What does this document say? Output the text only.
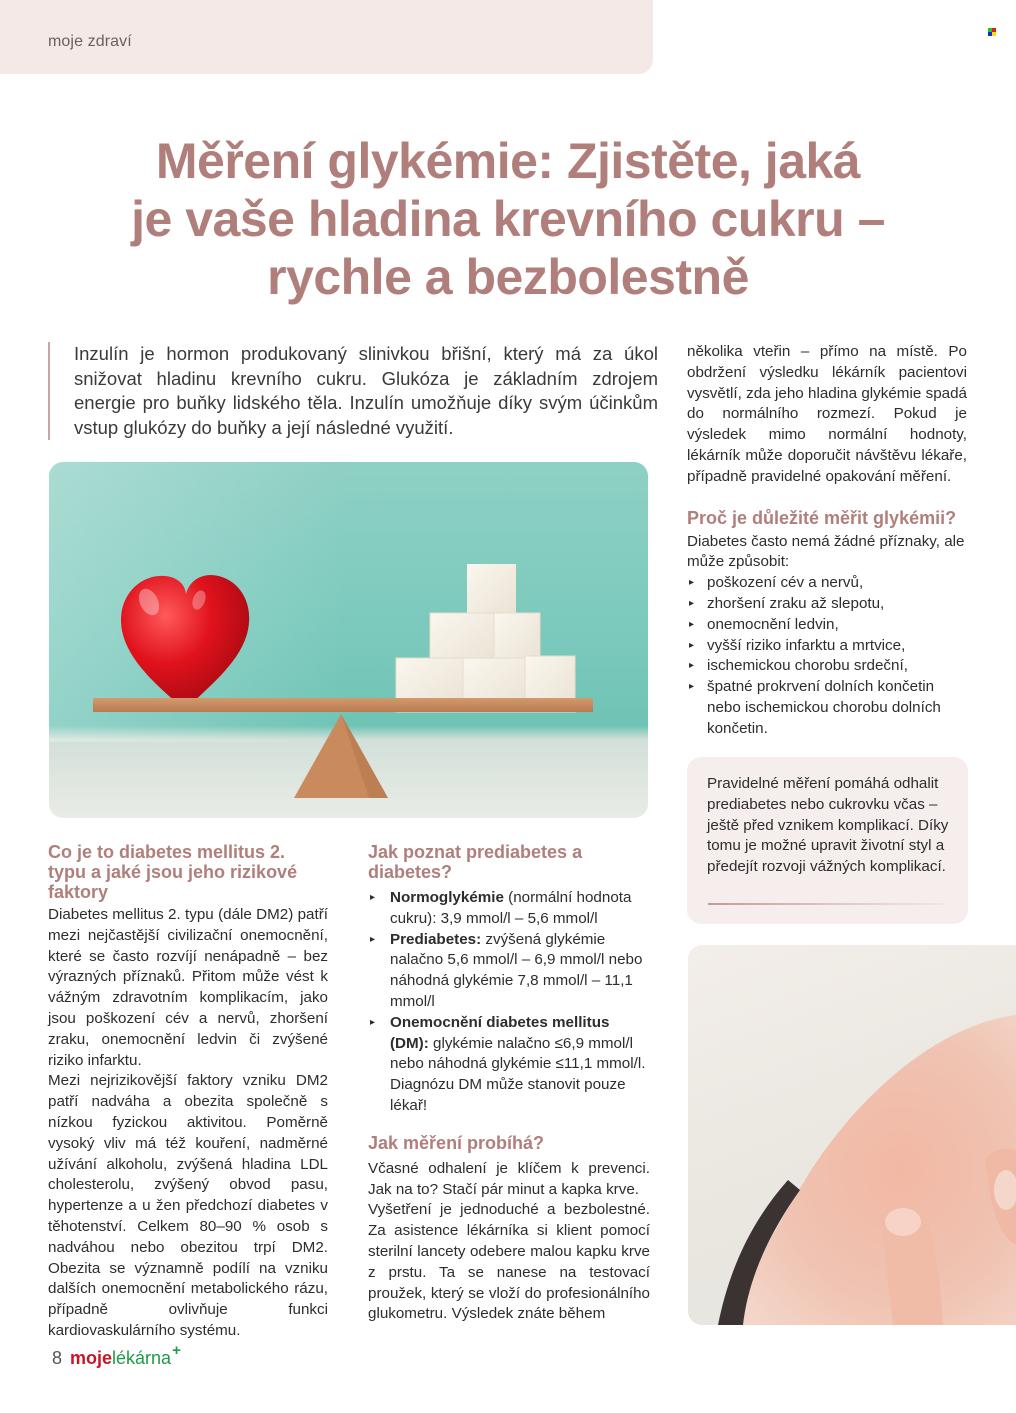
moje zdraví
Měření glykémie: Zjistěte, jaká
je vaše hladina krevního cukru –
rychle a bezbolestně

Inzulín je hormon produkovaný slinivkou břišní, který má za úkol snižovat hladinu krevního cukru. Glukóza je základním zdrojem energie pro buňky lidského těla. Inzulín umožňuje díky svým účinkům vstup glukózy do buňky a její následné využití.

Co je to diabetes mellitus 2. typu a jaké jsou jeho rizikové faktory

Diabetes mellitus 2. typu (dále DM2) patří mezi nejčastější civilizační onemocnění, které se často rozvíjí nenápadně – bez výrazných příznaků. Přitom může vést k vážným zdravotním komplikacím, jako jsou poškození cév a nervů, zhoršení zraku, onemocnění ledvin či zvýšené riziko infarktu.

Mezi nejrizikovější faktory vzniku DM2 patří nadváha a obezita společně s nízkou fyzickou aktivitou. Poměrně vysoký vliv má též kouření, nadměrné užívání alkoholu, zvýšená hladina LDL cholesterolu, zvýšený obvod pasu, hypertenze a u žen předchozí diabetes v těhotenství. Celkem 80–90 % osob s nadváhou nebo obezitou trpí DM2. Obezita se významně podílí na vzniku dalších onemocnění metabolického rázu, případně ovlivňuje funkci kardiovaskulárního systému.

Jak poznat prediabetes a diabetes?
▸ Normoglykémie (normální hodnota cukru): 3,9 mmol/l – 5,6 mmol/l
▸ Prediabetes: zvýšená glykémie nalačno 5,6 mmol/l – 6,9 mmol/l nebo náhodná glykémie 7,8 mmol/l – 11,1 mmol/l
▸ Onemocnění diabetes mellitus (DM): glykémie nalačno ≤6,9 mmol/l nebo náhodná glykémie ≤11,1 mmol/l. Diagnózu DM může stanovit pouze lékař!
Jak měření probíhá?

Včasné odhalení je klíčem k prevenci. Jak na to? Stačí pár minut a kapka krve.

Vyšetření je jednoduché a bezbolestné. Za asistence lékárníka si klient pomocí sterilní lancety odebere malou kapku krve z prstu. Ta se nanese na testovací proužek, který se vloží do profesionálního glukometru. Výsledek znáte během

několika vteřin – přímo na místě. Po obdržení výsledku lékárník pacientovi vysvětlí, zda jeho hladina glykémie spadá do normálního rozmezí. Pokud je výsledek mimo normální hodnoty, lékárník může doporučit návštěvu lékaře, případně pravidelné opakování měření.

Proč je důležité měřit glykémii?

Diabetes často nemá žádné příznaky, ale může způsobit:

▸ poškození cév a nervů,
▸ zhoršení zraku až slepotu,
▸ onemocnění ledvin,
▸ vyšší riziko infarktu a mrtvice,
▸ ischemickou chorobu srdeční,
▸ špatné prokrvení dolních končetin nebo ischemickou chorobu dolních končetin.

Pravidelné měření pomáhá odhalit prediabetes nebo cukrovku včas – ještě před vznikem komplikací. Díky tomu je možné upravit životní styl a předejít rozvoji vážných komplikací.

8 moje lékárna +
